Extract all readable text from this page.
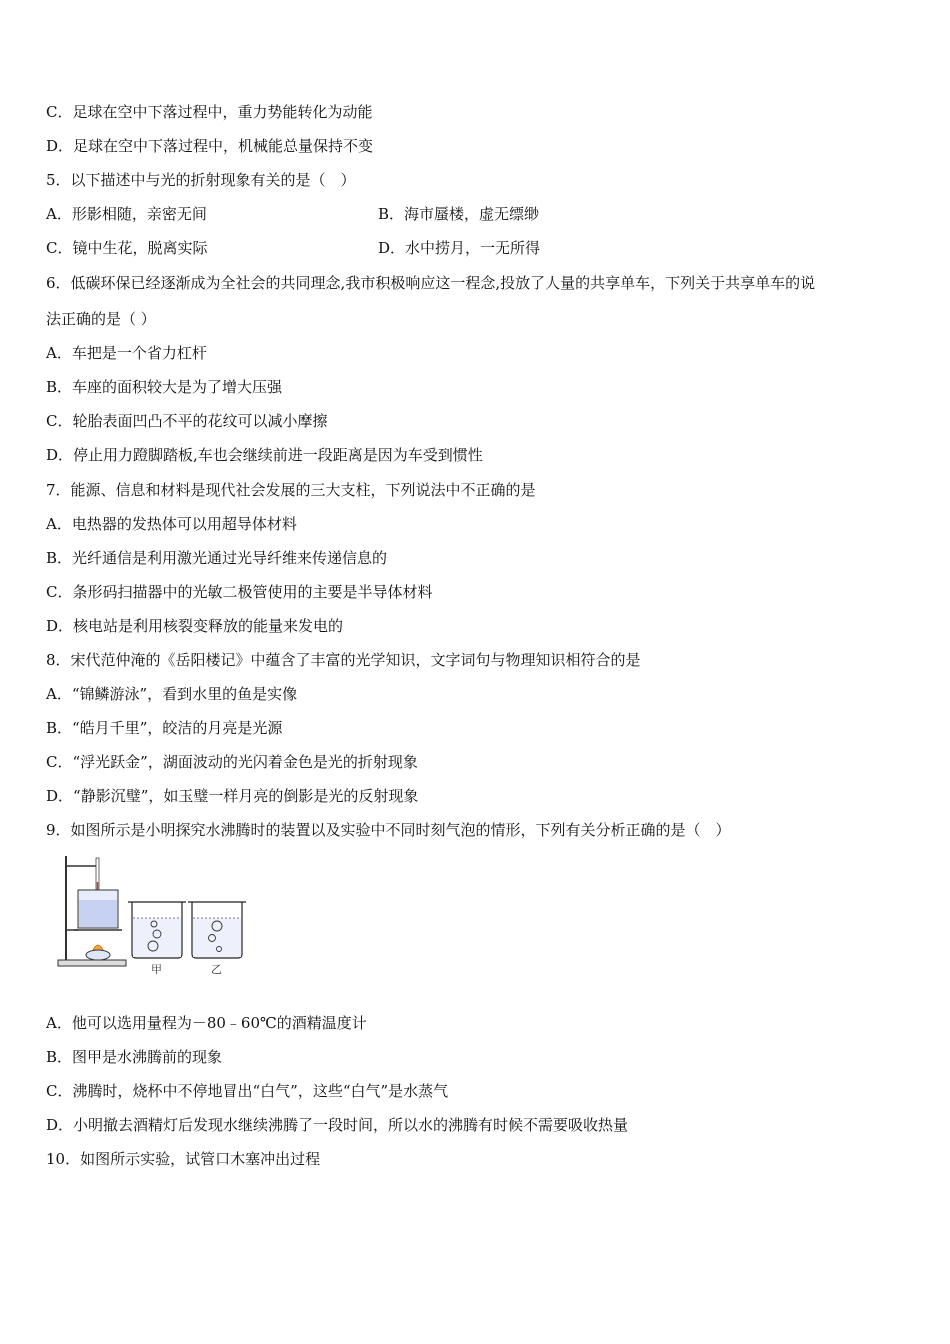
C．足球在空中下落过程中，重力势能转化为动能
D．足球在空中下落过程中，机械能总量保持不变
5．以下描述中与光的折射现象有关的是（　）
A．形影相随，亲密无间	B．海市蜃楼，虚无缥缈
C．镜中生花，脱离实际	D．水中捞月，一无所得
6．低碳环保已经逐渐成为全社会的共同理念,我市积极响应这一程念,投放了人量的共享单车，下列关于共享单车的说
法正确的是（ ）
A．车把是一个省力杠杆
B．车座的面积较大是为了增大压强
C．轮胎表面凹凸不平的花纹可以减小摩擦
D．停止用力蹬脚踏板,车也会继续前进一段距离是因为车受到惯性
7．能源、信息和材料是现代社会发展的三大支柱，下列说法中不正确的是
A．电热器的发热体可以用超导体材料
B．光纤通信是利用激光通过光导纤维来传递信息的
C．条形码扫描器中的光敏二极管使用的主要是半导体材料
D．核电站是利用核裂变释放的能量来发电的
8．宋代范仲淹的《岳阳楼记》中蕴含了丰富的光学知识，文字词句与物理知识相符合的是
A．“锦鳞游泳”，看到水里的鱼是实像
B．“皓月千里”，皎洁的月亮是光源
C．“浮光跃金”，湖面波动的光闪着金色是光的折射现象
D．“静影沉璧”，如玉璧一样月亮的倒影是光的反射现象
9．如图所示是小明探究水沸腾时的装置以及实验中不同时刻气泡的情形，下列有关分析正确的是（　）
甲	乙
A．他可以选用量程为－80﹣60℃的酒精温度计
B．图甲是水沸腾前的现象
C．沸腾时，烧杯中不停地冒出“白气”，这些“白气”是水蒸气
D．小明撤去酒精灯后发现水继续沸腾了一段时间，所以水的沸腾有时候不需要吸收热量
10．如图所示实验，试管口木塞冲出过程
